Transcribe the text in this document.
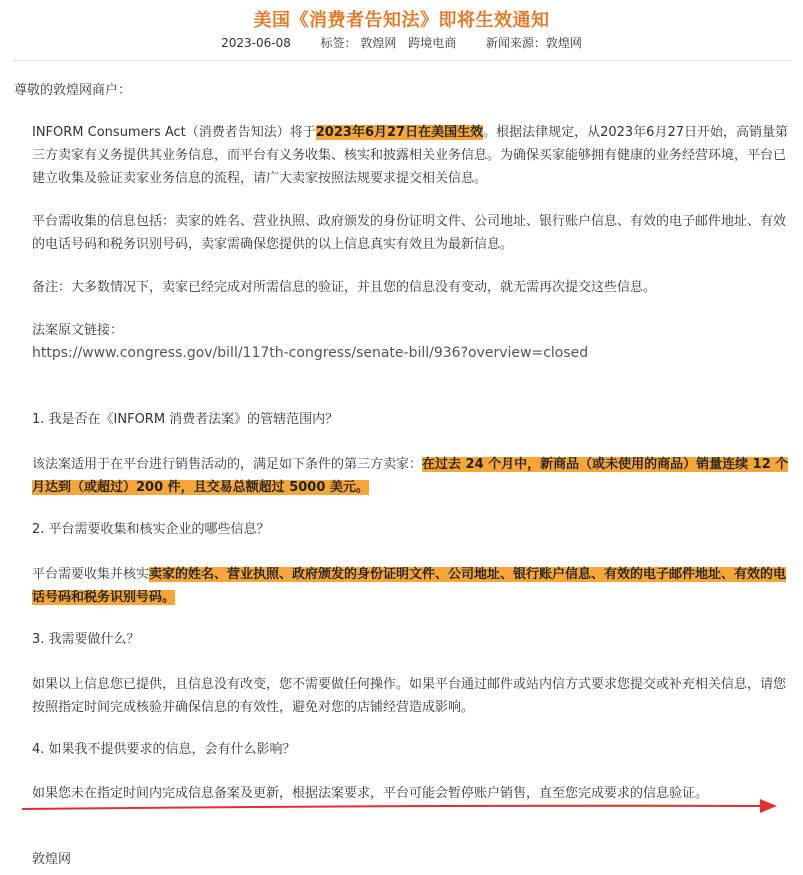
美国《消费者告知法》即将生效通知
2023-06-08 标签： 敦煌网 跨境电商 新闻来源：敦煌网

尊敬的敦煌网商户：

INFORM Consumers Act（消费者告知法）将于2023年6月27日在美国生效。根据法律规定，从2023年6月27日开始，高销量第三方卖家有义务提供其业务信息，而平台有义务收集、核实和披露相关业务信息。为确保买家能够拥有健康的业务经营环境，平台已建立收集及验证卖家业务信息的流程，请广大卖家按照法规要求提交相关信息。

平台需收集的信息包括：卖家的姓名、营业执照、政府颁发的身份证明文件、公司地址、银行账户信息、有效的电子邮件地址、有效的电话号码和税务识别号码，卖家需确保您提供的以上信息真实有效且为最新信息。

备注：大多数情况下，卖家已经完成对所需信息的验证，并且您的信息没有变动，就无需再次提交这些信息。

法案原文链接：

https://www.congress.gov/bill/117th-congress/senate-bill/936?overview=closed

1. 我是否在《INFORM 消费者法案》的管辖范围内？

该法案适用于在平台进行销售活动的，满足如下条件的第三方卖家：在过去 24 个月中，新商品（或未使用的商品）销量连续 12 个月达到（或超过）200 件，且交易总额超过 5000 美元。

2. 平台需要收集和核实企业的哪些信息？

平台需要收集并核实卖家的姓名、营业执照、政府颁发的身份证明文件、公司地址、银行账户信息、有效的电子邮件地址、有效的电话号码和税务识别号码。

3. 我需要做什么？

如果以上信息您已提供，且信息没有改变，您不需要做任何操作。如果平台通过邮件或站内信方式要求您提交或补充相关信息，请您按照指定时间完成核验并确保信息的有效性，避免对您的店铺经营造成影响。

4. 如果我不提供要求的信息，会有什么影响？

如果您未在指定时间内完成信息备案及更新，根据法案要求，平台可能会暂停账户销售，直至您完成要求的信息验证。

敦煌网
